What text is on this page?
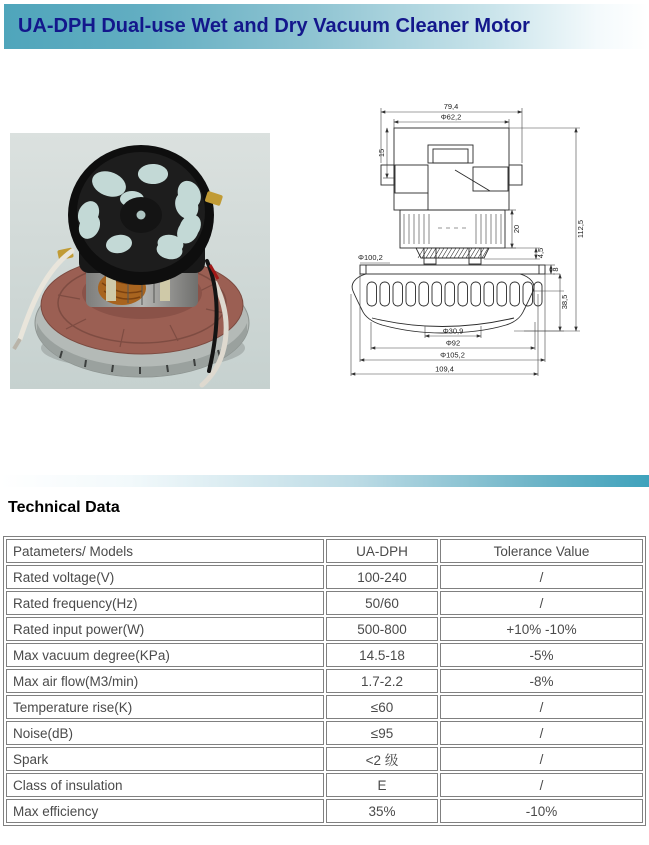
UA-DPH Dual-use Wet and Dry Vacuum Cleaner Motor
79,4
Φ62,2
15
20
4,5
Φ100,2
8
38,5
112,5
Φ30,9
Φ92
Φ105,2
109,4
Technical Data
Patameters/ Models	UA-DPH	Tolerance Value
Rated voltage(V)	100-240	/
Rated frequency(Hz)	50/60	/
Rated input power(W)	500-800	+10% -10%
Max vacuum degree(KPa)	14.5-18	-5%
Max air flow(M3/min)	1.7-2.2	-8%
Temperature rise(K)	≤60	/
Noise(dB)	≤95	/
Spark	<2 级	/
Class of insulation	E	/
Max efficiency	35%	-10%
